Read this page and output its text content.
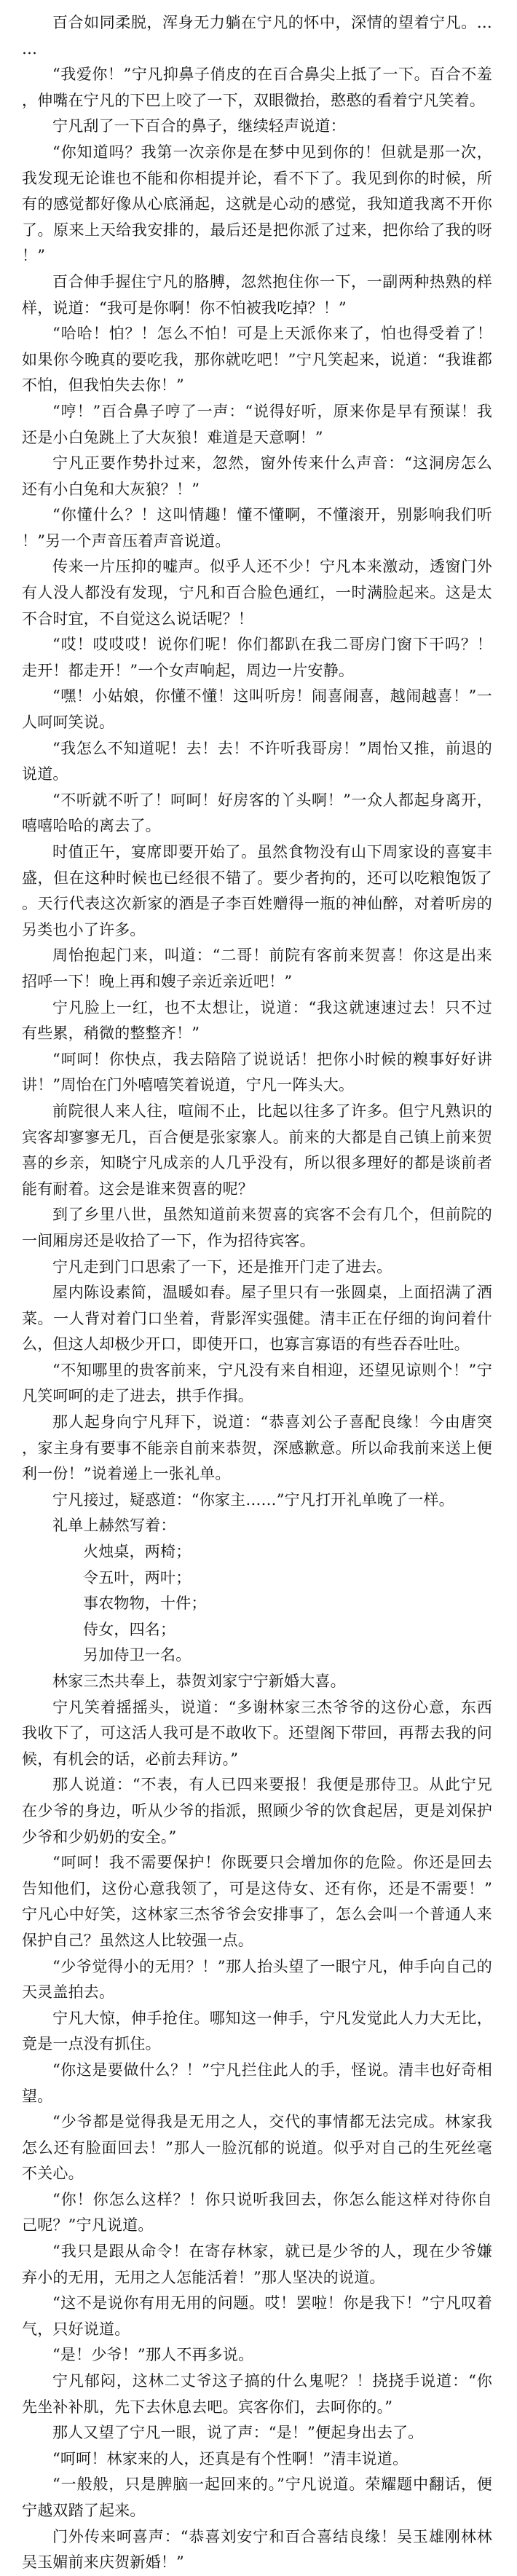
百合如同柔脱，浑身无力躺在宁凡的怀中，深情的望着宁凡。……

“我爱你！”宁凡抑鼻子俏皮的在百合鼻尖上抵了一下。百合不羞，伸嘴在宁凡的下巴上咬了一下，双眼微抬，憨憨的看着宁凡笑着。

宁凡刮了一下百合的鼻子，继续轻声说道：

“你知道吗？我第一次亲你是在梦中见到你的！但就是那一次，我发现无论谁也不能和你相提并论，看不下了。我见到你的时候，所有的感觉都好像从心底涌起，这就是心动的感觉，我知道我离不开你了。原来上天给我安排的，最后还是把你派了过来，把你给了我的呀！”

百合伸手握住宁凡的胳膊，忽然抱住你一下，一副两种热熟的样样，说道：“我可是你啊！你不怕被我吃掉？！”

“哈哈！怕？！怎么不怕！可是上天派你来了，怕也得受着了！如果你今晚真的要吃我，那你就吃吧！”宁凡笑起来，说道：“我谁都不怕，但我怕失去你！”

“哼！”百合鼻子哼了一声：“说得好听，原来你是早有预谋！我还是小白兔跳上了大灰狼！难道是天意啊！”

宁凡正要作势扑过来，忽然，窗外传来什么声音：“这洞房怎么还有小白兔和大灰狼？！”

“你懂什么？！这叫情趣！懂不懂啊，不懂滚开，别影响我们听！”另一个声音压着声音说道。

传来一片压抑的嘘声。似乎人还不少！宁凡本来激动，透窗门外有人没人都没有发现，宁凡和百合脸色通红，一时满脸起来。这是太不合时宜，不自觉这么说话呢？！

“哎！哎哎哎！说你们呢！你们都趴在我二哥房门窗下干吗？！走开！都走开！”一个女声响起，周边一片安静。

“嘿！小姑娘，你懂不懂！这叫听房！闹喜闹喜，越闹越喜！”一人呵呵笑说。

“我怎么不知道呢！去！去！不许听我哥房！”周怡又推，前退的说道。

“不听就不听了！呵呵！好房客的丫头啊！”一众人都起身离开，嘻嘻哈哈的离去了。

时值正午，宴席即要开始了。虽然食物没有山下周家设的喜宴丰盛，但在这种时候也已经很不错了。要少者拘的，还可以吃粮饱饭了。天行代表这次新家的酒是子李百姓赠得一瓶的神仙醉，对着听房的另类也小了许多。

周怡抱起门来，叫道：“二哥！前院有客前来贺喜！你这是出来招呼一下！晚上再和嫂子亲近亲近吧！”

宁凡脸上一红，也不太想让，说道：“我这就速速过去！只不过有些累，稍微的整整齐！”

“呵呵！你快点，我去陪陪了说说话！把你小时候的糗事好好讲讲！”周怡在门外嘻嘻笑着说道，宁凡一阵头大。

前院很人来人往，喧闹不止，比起以往多了许多。但宁凡熟识的宾客却寥寥无几，百合便是张家寨人。前来的大都是自己镇上前来贺喜的乡亲，知晓宁凡成亲的人几乎没有，所以很多理好的都是谈前者能有耐着。这会是谁来贺喜的呢？

到了乡里八世，虽然知道前来贺喜的宾客不会有几个，但前院的一间厢房还是收拾了一下，作为招待宾客。

宁凡走到门口思索了一下，还是推开门走了进去。

屋内陈设素简，温暖如春。屋子里只有一张圆桌，上面招满了酒菜。一人背对着门口坐着，背影浑实强健。清丰正在仔细的询问着什么，但这人却极少开口，即使开口，也寡言寡语的有些吞吞吐吐。

“不知哪里的贵客前来，宁凡没有来自相迎，还望见谅则个！”宁凡笑呵呵的走了进去，拱手作揖。

那人起身向宁凡拜下，说道：“恭喜刘公子喜配良缘！今由唐突，家主身有要事不能亲自前来恭贺，深感歉意。所以命我前来送上便利一份！”说着递上一张礼单。

宁凡接过，疑惑道：“你家主……”宁凡打开礼单晚了一样。

礼单上赫然写着：

火烛桌，两椅；

令五叶，两叶；

事农物物，十件；

侍女，四名；

另加侍卫一名。

林家三杰共奉上，恭贺刘家宁宁新婚大喜。

宁凡笑着摇摇头，说道：“多谢林家三杰爷爷的这份心意，东西我收下了，可这活人我可是不敢收下。还望阁下带回，再帮去我的问候，有机会的话，必前去拜访。”

那人说道：“不表，有人已四来要报！我便是那侍卫。从此宁兄在少爷的身边，听从少爷的指派，照顾少爷的饮食起居，更是刘保护少爷和少奶奶的安全。”

“呵呵！我不需要保护！你既要只会增加你的危险。你还是回去告知他们，这份心意我领了，可是这侍女、还有你，还是不需要！”宁凡心中好笑，这林家三杰爷爷会安排事了，怎么会叫一个普通人来保护自己？虽然这人比较强一点。

“少爷觉得小的无用？！”那人抬头望了一眼宁凡，伸手向自己的天灵盖拍去。

宁凡大惊，伸手抢住。哪知这一伸手，宁凡发觉此人力大无比，竟是一点没有抓住。

“你这是要做什么？！”宁凡拦住此人的手，怪说。清丰也好奇相望。

“少爷都是觉得我是无用之人，交代的事情都无法完成。林家我怎么还有脸面回去！”那人一脸沉郁的说道。似乎对自己的生死丝毫不关心。

“你！你怎么这样？！你只说听我回去，你怎么能这样对待你自己呢？”宁凡说道。

“我只是跟从命令！在寄存林家，就已是少爷的人，现在少爷嫌弃小的无用，无用之人怎能活着！”那人坚决的说道。

“这不是说你有用无用的问题。哎！罢啦！你是我下！”宁凡叹着气，只好说道。

“是！少爷！”那人不再多说。

宁凡郁闷，这林二丈爷这子搞的什么鬼呢？！挠挠手说道：“你先坐补补肌，先下去休息去吧。宾客你们，去呵你的。”

那人又望了宁凡一眼，说了声：“是！”便起身出去了。

“呵呵！林家来的人，还真是有个性啊！”清丰说道。

“一般般，只是脾脑一起回来的。”宁凡说道。荣耀题中翻话，便宁越双踏了起来。

门外传来呵喜声：“恭喜刘安宁和百合喜结良缘！吴玉雄刚林林吴玉媚前来庆贺新婚！”
